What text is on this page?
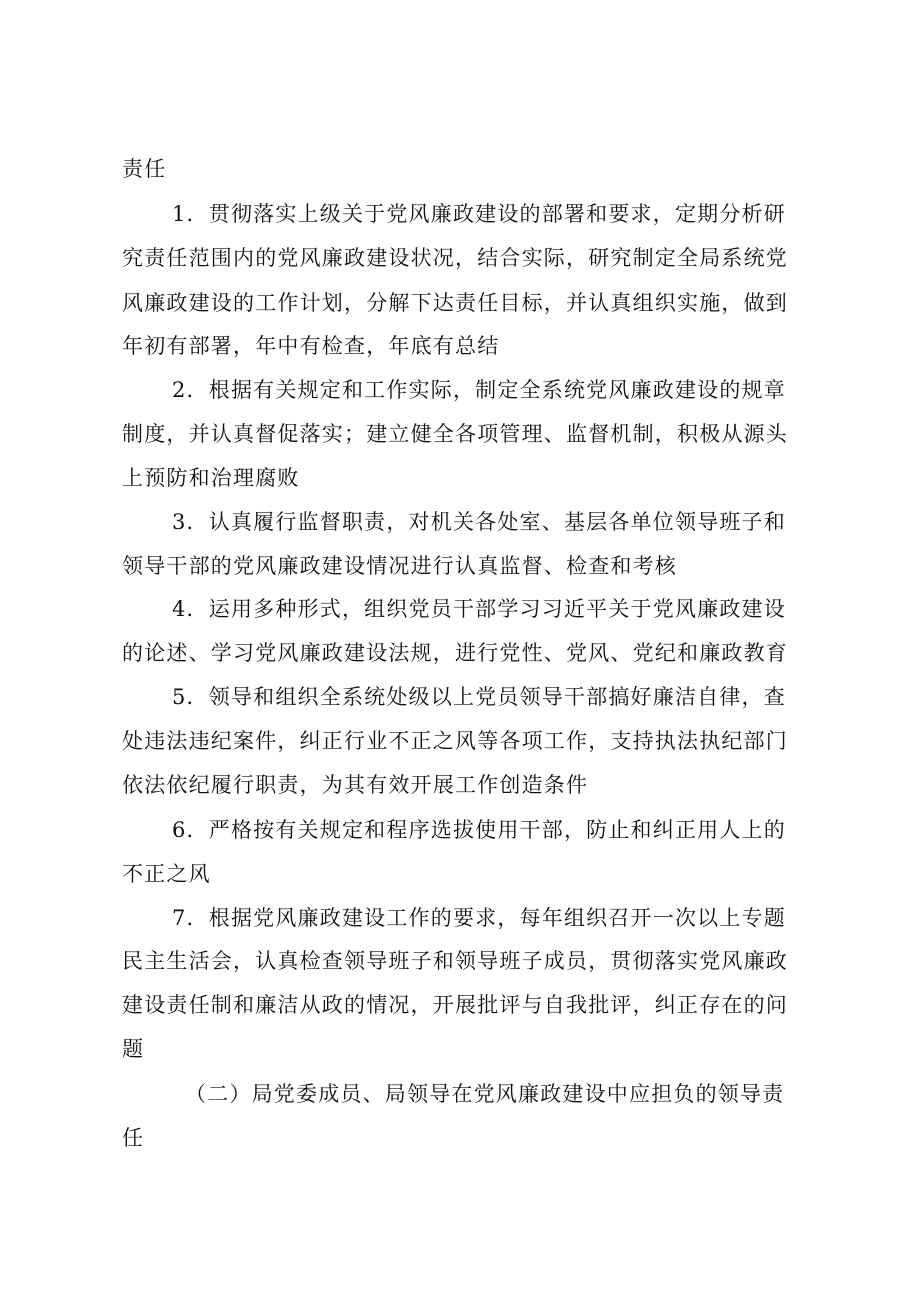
责任
1．贯彻落实上级关于党风廉政建设的部署和要求，定期分析研
究责任范围内的党风廉政建设状况，结合实际，研究制定全局系统党
风廉政建设的工作计划，分解下达责任目标，并认真组织实施，做到
年初有部署，年中有检查，年底有总结
2．根据有关规定和工作实际，制定全系统党风廉政建设的规章
制度，并认真督促落实；建立健全各项管理、监督机制，积极从源头
上预防和治理腐败
3．认真履行监督职责，对机关各处室、基层各单位领导班子和
领导干部的党风廉政建设情况进行认真监督、检查和考核
4．运用多种形式，组织党员干部学习习近平关于党风廉政建设
的论述、学习党风廉政建设法规，进行党性、党风、党纪和廉政教育
5．领导和组织全系统处级以上党员领导干部搞好廉洁自律，查
处违法违纪案件，纠正行业不正之风等各项工作，支持执法执纪部门
依法依纪履行职责，为其有效开展工作创造条件
6．严格按有关规定和程序选拔使用干部，防止和纠正用人上的
不正之风
7．根据党风廉政建设工作的要求，每年组织召开一次以上专题
民主生活会，认真检查领导班子和领导班子成员，贯彻落实党风廉政
建设责任制和廉洁从政的情况，开展批评与自我批评，纠正存在的问
题
（二）局党委成员、局领导在党风廉政建设中应担负的领导责
任
